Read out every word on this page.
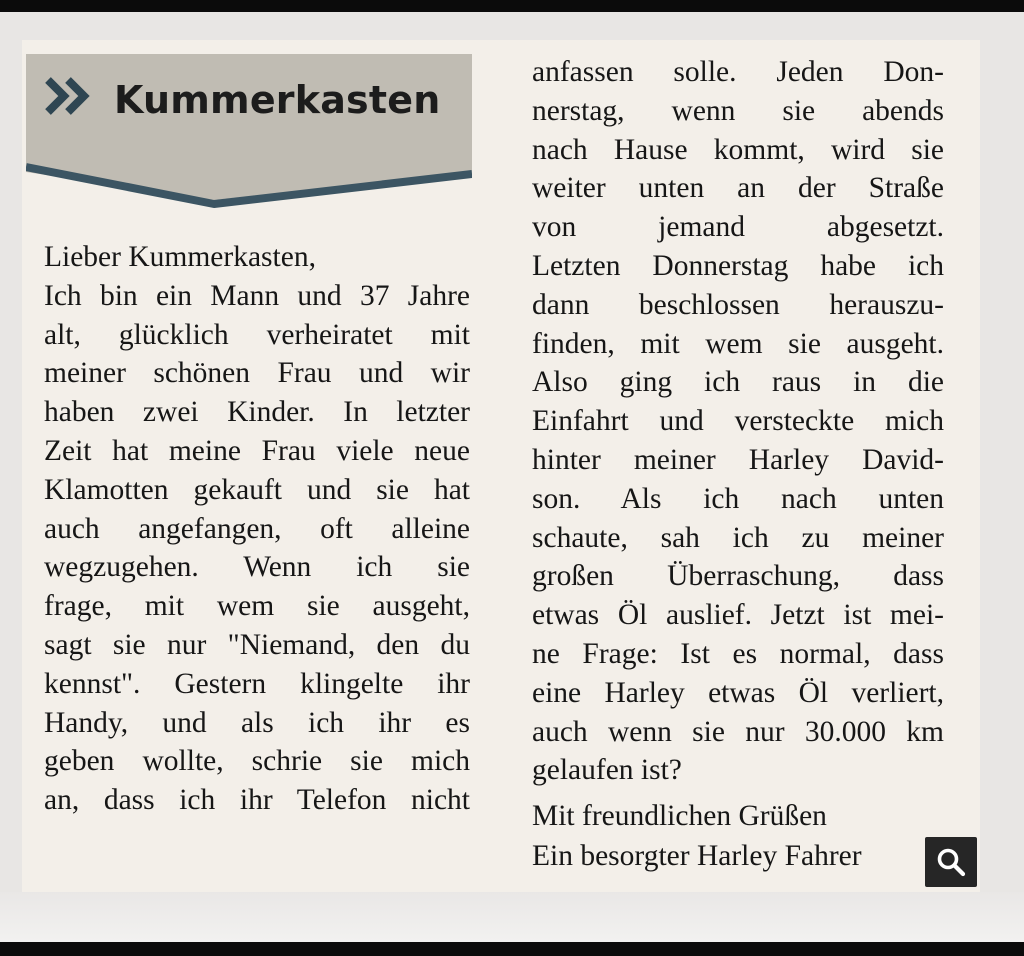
Kummerkasten
Lieber Kummerkasten,
Ich bin ein Mann und 37 Jahre
alt, glücklich verheiratet mit
meiner schönen Frau und wir
haben zwei Kinder. In letzter
Zeit hat meine Frau viele neue
Klamotten gekauft und sie hat
auch angefangen, oft alleine
wegzugehen. Wenn ich sie
frage, mit wem sie ausgeht,
sagt sie nur "Niemand, den du
kennst". Gestern klingelte ihr
Handy, und als ich ihr es
geben wollte, schrie sie mich
an, dass ich ihr Telefon nicht
anfassen solle. Jeden Don-
nerstag, wenn sie abends
nach Hause kommt, wird sie
weiter unten an der Straße
von jemand abgesetzt.
Letzten Donnerstag habe ich
dann beschlossen herauszu-
finden, mit wem sie ausgeht.
Also ging ich raus in die
Einfahrt und versteckte mich
hinter meiner Harley David-
son. Als ich nach unten
schaute, sah ich zu meiner
großen Überraschung, dass
etwas Öl auslief. Jetzt ist mei-
ne Frage: Ist es normal, dass
eine Harley etwas Öl verliert,
auch wenn sie nur 30.000 km
gelaufen ist?
Mit freundlichen Grüßen
Ein besorgter Harley Fahrer
